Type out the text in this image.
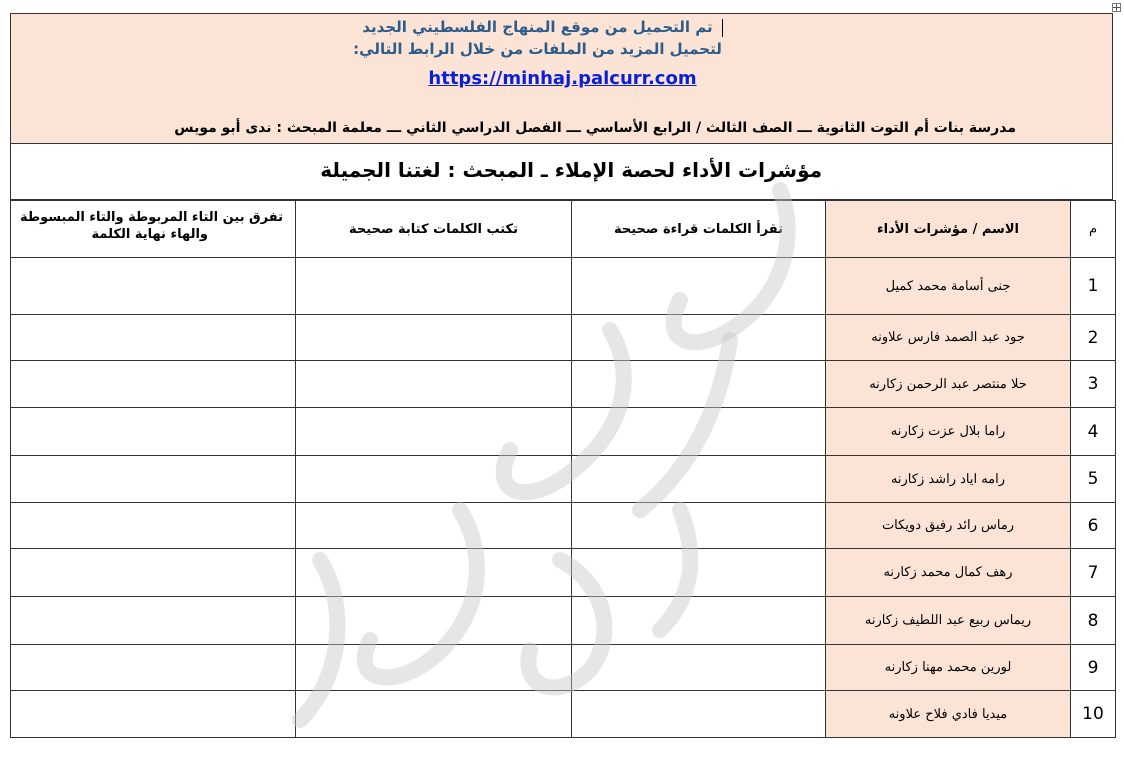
تم التحميل من موقع المنهاج الفلسطيني الجديد
لتحميل المزيد من الملفات من خلال الرابط التالي:
https://minhaj.palcurr.com
مدرسة بنات أم التوت الثانوية ـــ الصف الثالث / الرابع الأساسي ـــ الفصل الدراسي الثاني ـــ معلمة المبحث : ندى أبو مويس
مؤشرات الأداء لحصة الإملاء ـ المبحث : لغتنا الجميلة
تفرق بين التاء المربوطة والتاء المبسوطة
والهاء نهاية الكلمة	تكتب الكلمات كتابة صحيحة	تقرأ الكلمات قراءة صحيحة	الاسم / مؤشرات الأداء	م
			جنى أسامة محمد كميل	1
			جود عبد الصمد فارس علاونه	2
			حلا منتصر عبد الرحمن زكارنه	3
			راما بلال عزت زكارنه	4
			رامه اياد راشد زكارنه	5
			رماس رائد رفيق دويكات	6
			رهف كمال محمد زكارنه	7
			ريماس ربيع عبد اللطيف زكارنه	8
			لورين محمد مهنا زكارنه	9
			ميديا فادي فلاح علاونه	10
